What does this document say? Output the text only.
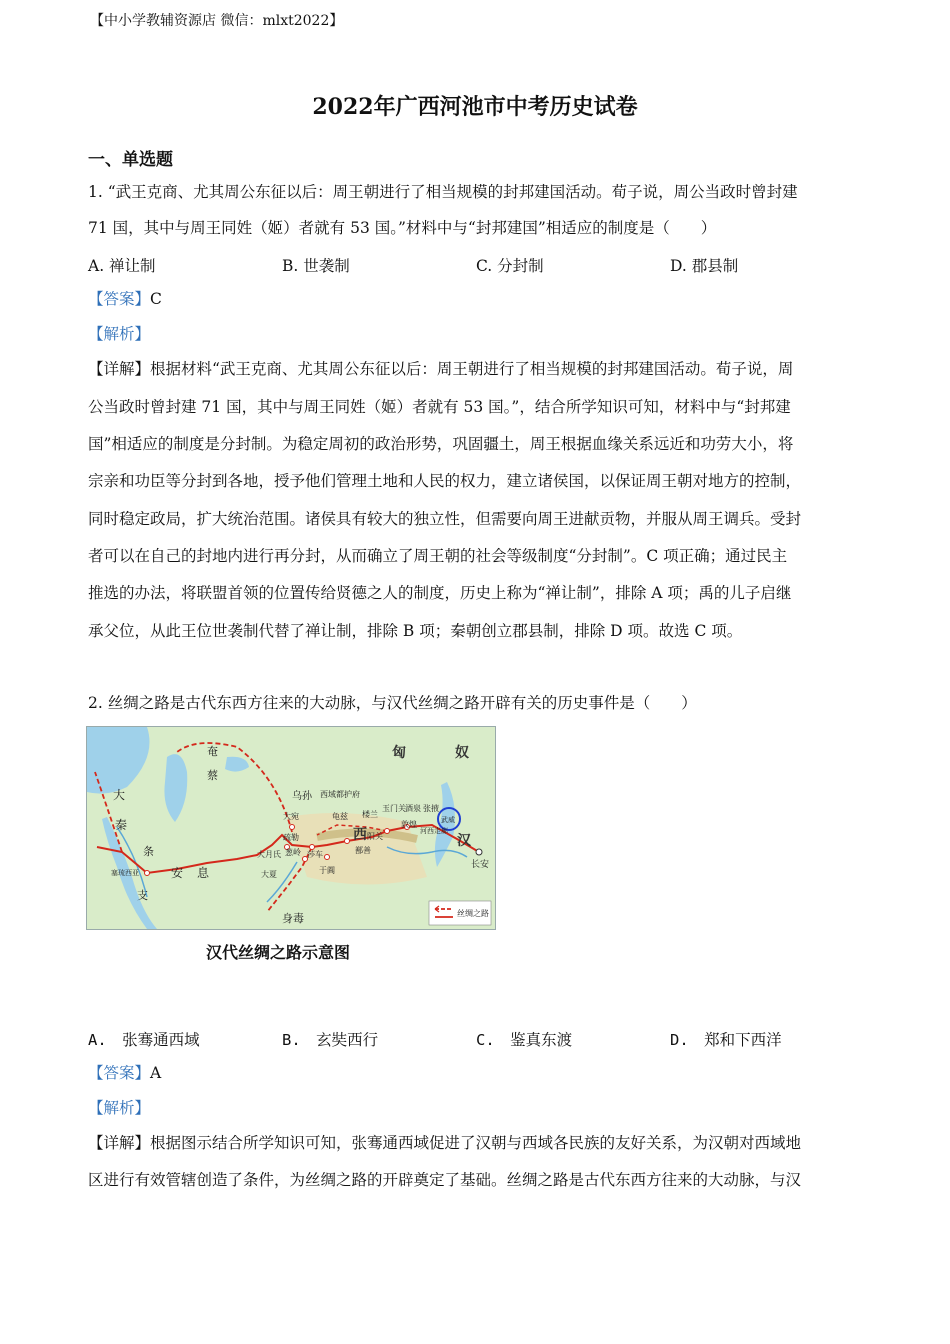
【中小学教辅资源店 微信：mlxt2022】
2022年广西河池市中考历史试卷
一、单选题
1. “武王克商、尤其周公东征以后：周王朝进行了相当规模的封邦建国活动。荀子说，周公当政时曾封建
71 国，其中与周王同姓（姬）者就有 53 国。”材料中与“封邦建国”相适应的制度是（　　）
A. 禅让制	B. 世袭制	C. 分封制	D. 郡县制
【答案】C
【解析】
【详解】根据材料“武王克商、尤其周公东征以后：周王朝进行了相当规模的封邦建国活动。荀子说，周
公当政时曾封建 71 国，其中与周王同姓（姬）者就有 53 国。”，结合所学知识可知，材料中与“封邦建
国”相适应的制度是分封制。为稳定周初的政治形势，巩固疆土，周王根据血缘关系远近和功劳大小，将
宗亲和功臣等分封到各地，授予他们管理土地和人民的权力，建立诸侯国，以保证周王朝对地方的控制，
同时稳定政局，扩大统治范围。诸侯具有较大的独立性，但需要向周王进献贡物，并服从周王调兵。受封
者可以在自己的封地内进行再分封，从而确立了周王朝的社会等级制度“分封制”。C 项正确；通过民主
推选的办法，将联盟首领的位置传给贤德之人的制度，历史上称为“禅让制”，排除 A 项；禹的儿子启继
承父位，从此王位世袭制代替了禅让制，排除 B 项；秦朝创立郡县制，排除 D 项。故选 C 项。
2. 丝绸之路是古代东西方往来的大动脉，与汉代丝绸之路开辟有关的历史事件是（　　）
奄
蔡
匈	奴
乌孙 西域都护府
龟兹 楼兰
玉门关 酒泉 张掖
武威
敦煌
河西走廊
阳关
鄯善
西	汉
长安
大宛
疏勒
葱岭 莎车
于阗
大月氏
大夏
安 息
大
秦
条
支
塞琉西亚
身毒	丝绸之路
汉代丝绸之路示意图
A.　张骞通西域	B.　玄奘西行	C.　鉴真东渡	D.　郑和下西洋
【答案】A
【解析】
【详解】根据图示结合所学知识可知，张骞通西域促进了汉朝与西域各民族的友好关系，为汉朝对西域地
区进行有效管辖创造了条件，为丝绸之路的开辟奠定了基础。丝绸之路是古代东西方往来的大动脉，与汉
